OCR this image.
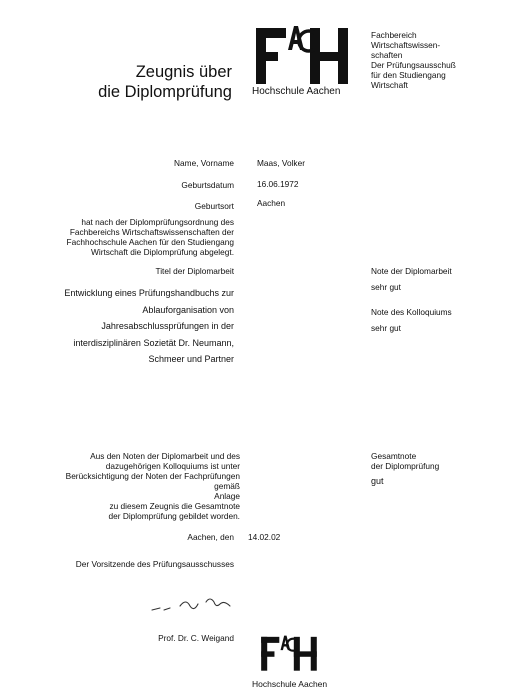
Zeugnis über
die Diplomprüfung Hochschule Aachen
Fachbereich
Wirtschaftswissen-
schaften
Der Prüfungsausschuß
für den Studiengang
Wirtschaft
Name, Vorname	Maas, Volker
Geburtsdatum	16.06.1972
Geburtsort	Aachen
hat nach der Diplomprüfungsordnung des
Fachbereichs Wirtschaftswissenschaften der
Fachhochschule Aachen für den Studiengang
Wirtschaft die Diplomprüfung abgelegt.
Titel der Diplomarbeit
Entwicklung eines Prüfungshandbuchs zur
Ablauforganisation von
Jahresabschlussprüfungen in der
interdisziplinären Sozietät Dr. Neumann,
Schmeer und Partner
Note der Diplomarbeit
sehr gut
Note des Kolloquiums
sehr gut
Aus den Noten der Diplomarbeit und des
dazugehörigen Kolloquiums ist unter
Berücksichtigung der Noten der Fachprüfungen gemäß
Anlage
zu diesem Zeugnis die Gesamtnote
der Diplomprüfung gebildet worden.
Gesamtnote
der Diplomprüfung
gut
Aachen, den 14.02.02
Der Vorsitzende des Prüfungsausschusses
Prof. Dr. C. Weigand
Hochschule Aachen
